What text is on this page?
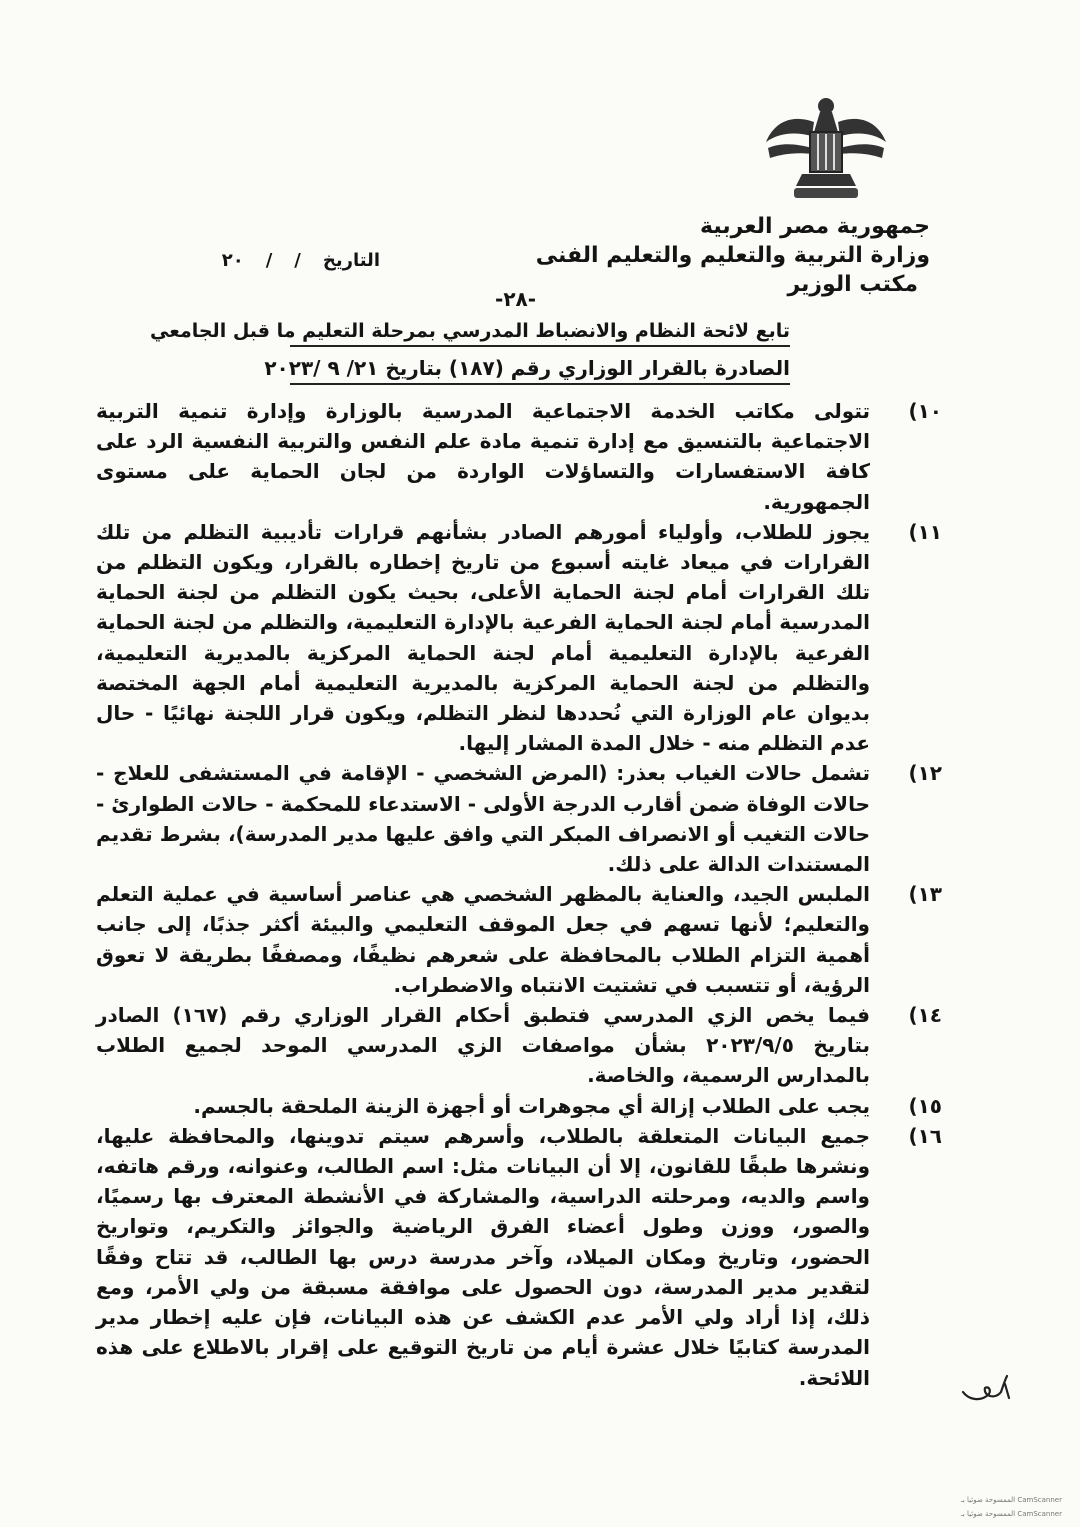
جمهورية مصر العربية
وزارة التربية والتعليم والتعليم الفنى
مكتب الوزير
التاريخ
/
/
٢٠
-٢٨-
تابع لائحة النظام والانضباط المدرسي بمرحلة التعليم ما قبل الجامعي
الصادرة بالقرار الوزاري رقم (١٨٧) بتاريخ ٢١/ ٩ /٢٠٢٣
١٠)
تتولى مكاتب الخدمة الاجتماعية المدرسية بالوزارة وإدارة تنمية التربية الاجتماعية بالتنسيق مع إدارة تنمية مادة علم النفس والتربية النفسية الرد على كافة الاستفسارات والتساؤلات الواردة من لجان الحماية على مستوى الجمهورية.
١١)
يجوز للطلاب، وأولياء أمورهم الصادر بشأنهم قرارات تأديبية التظلم من تلك القرارات في ميعاد غايته أسبوع من تاريخ إخطاره بالقرار، ويكون التظلم من تلك القرارات أمام لجنة الحماية الأعلى، بحيث يكون التظلم من لجنة الحماية المدرسية أمام لجنة الحماية الفرعية بالإدارة التعليمية، والتظلم من لجنة الحماية الفرعية بالإدارة التعليمية أمام لجنة الحماية المركزية بالمديرية التعليمية، والتظلم من لجنة الحماية المركزية بالمديرية التعليمية أمام الجهة المختصة بديوان عام الوزارة التي نُحددها لنظر التظلم، ويكون قرار اللجنة نهائيًا - حال عدم التظلم منه - خلال المدة المشار إليها.
١٢)
تشمل حالات الغياب بعذر: (المرض الشخصي - الإقامة في المستشفى للعلاج - حالات الوفاة ضمن أقارب الدرجة الأولى - الاستدعاء للمحكمة - حالات الطوارئ - حالات التغيب أو الانصراف المبكر التي وافق عليها مدير المدرسة)، بشرط تقديم المستندات الدالة على ذلك.
١٣)
الملبس الجيد، والعناية بالمظهر الشخصي هي عناصر أساسية في عملية التعلم والتعليم؛ لأنها تسهم في جعل الموقف التعليمي والبيئة أكثر جذبًا، إلى جانب أهمية التزام الطلاب بالمحافظة على شعرهم نظيفًا، ومصففًا بطريقة لا تعوق الرؤية، أو تتسبب في تشتيت الانتباه والاضطراب.
١٤)
فيما يخص الزي المدرسي فتطبق أحكام القرار الوزاري رقم (١٦٧) الصادر بتاريخ ٢٠٢٣/٩/٥ بشأن مواصفات الزي المدرسي الموحد لجميع الطلاب بالمدارس الرسمية، والخاصة.
١٥)
يجب على الطلاب إزالة أي مجوهرات أو أجهزة الزينة الملحقة بالجسم.
١٦)
جميع البيانات المتعلقة بالطلاب، وأسرهم سيتم تدوينها، والمحافظة عليها، ونشرها طبقًا للقانون، إلا أن البيانات مثل: اسم الطالب، وعنوانه، ورقم هاتفه، واسم والديه، ومرحلته الدراسية، والمشاركة في الأنشطة المعترف بها رسميًا، والصور، ووزن وطول أعضاء الفرق الرياضية والجوائز والتكريم، وتواريخ الحضور، وتاريخ ومكان الميلاد، وآخر مدرسة درس بها الطالب، قد تتاح وفقًا لتقدير مدير المدرسة، دون الحصول على موافقة مسبقة من ولي الأمر، ومع ذلك، إذا أراد ولي الأمر عدم الكشف عن هذه البيانات، فإن عليه إخطار مدير المدرسة كتابيًا خلال عشرة أيام من تاريخ التوقيع على إقرار بالاطلاع على هذه اللائحة.
CamScanner الممسوحة ضوئيا بـ
CamScanner الممسوحة ضوئيا بـ
